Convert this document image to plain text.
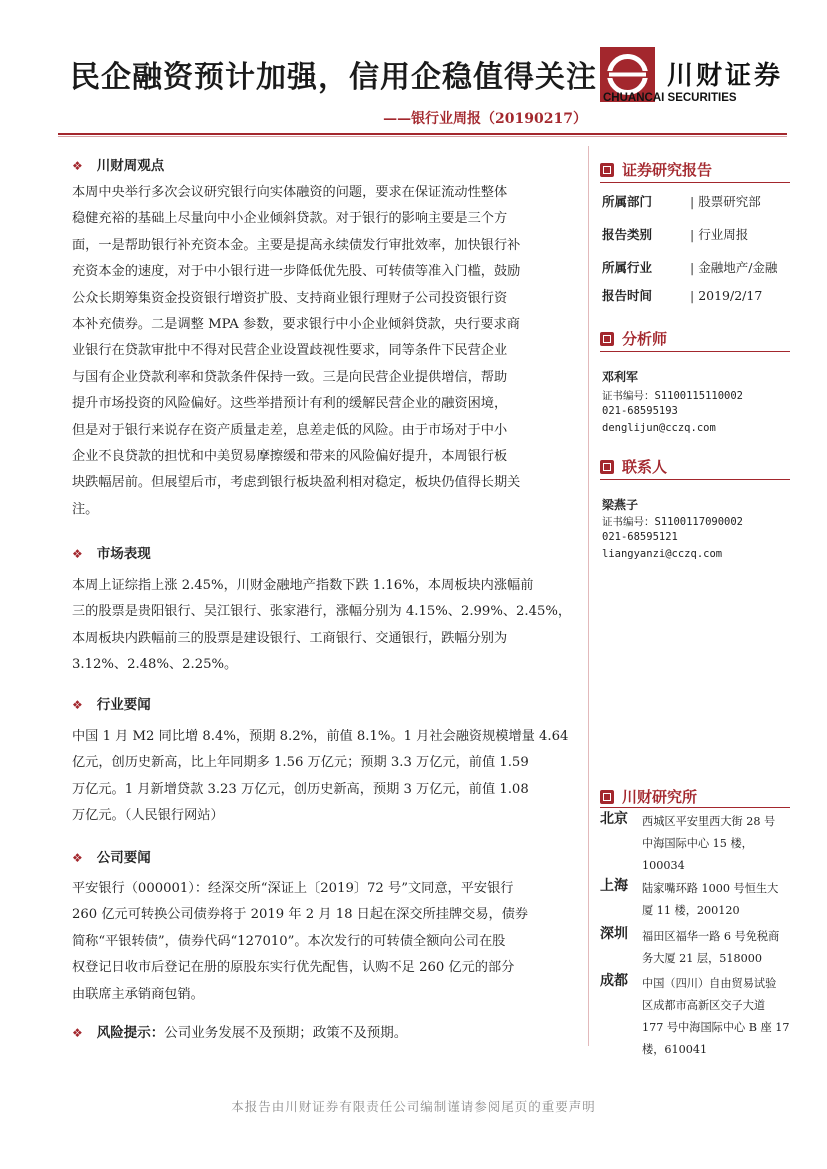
民企融资预计加强，信用企稳值得关注	川财证券
CHUANCAI SECURITIES
——银行业周报（20190217）
❖ 川财周观点
本周中央举行多次会议研究银行向实体融资的问题，要求在保证流动性整体
稳健充裕的基础上尽量向中小企业倾斜贷款。对于银行的影响主要是三个方
面，一是帮助银行补充资本金。主要是提高永续债发行审批效率，加快银行补
充资本金的速度，对于中小银行进一步降低优先股、可转债等准入门槛，鼓励
公众长期筹集资金投资银行增资扩股、支持商业银行理财子公司投资银行资
本补充债券。二是调整 MPA 参数，要求银行中小企业倾斜贷款，央行要求商
业银行在贷款审批中不得对民营企业设置歧视性要求，同等条件下民营企业
与国有企业贷款利率和贷款条件保持一致。三是向民营企业提供增信，帮助
提升市场投资的风险偏好。这些举措预计有利的缓解民营企业的融资困境，
但是对于银行来说存在资产质量走差，息差走低的风险。由于市场对于中小
企业不良贷款的担忧和中美贸易摩擦缓和带来的风险偏好提升，本周银行板
块跌幅居前。但展望后市，考虑到银行板块盈利相对稳定，板块仍值得长期关
注。
❖ 市场表现
本周上证综指上涨 2.45%，川财金融地产指数下跌 1.16%，本周板块内涨幅前
三的股票是贵阳银行、吴江银行、张家港行，涨幅分别为 4.15%、2.99%、2.45%，
本周板块内跌幅前三的股票是建设银行、工商银行、交通银行，跌幅分别为
3.12%、2.48%、2.25%。
❖ 行业要闻
中国 1 月 M2 同比增 8.4%，预期 8.2%，前值 8.1%。1 月社会融资规模增量 4.64
亿元，创历史新高，比上年同期多 1.56 万亿元；预期 3.3 万亿元，前值 1.59
万亿元。1 月新增贷款 3.23 万亿元，创历史新高，预期 3 万亿元，前值 1.08
万亿元。（人民银行网站）
❖ 公司要闻
平安银行（000001）：经深交所“深证上〔2019〕72 号”文同意，平安银行
260 亿元可转换公司债券将于 2019 年 2 月 18 日起在深交所挂牌交易，债券
简称“平银转债”，债券代码“127010”。本次发行的可转债全额向公司在股
权登记日收市后登记在册的原股东实行优先配售，认购不足 260 亿元的部分
由联席主承销商包销。
❖ 风险提示：公司业务发展不及预期；政策不及预期。
证券研究报告
所属部门	| 股票研究部
报告类别	| 行业周报
所属行业	| 金融地产/金融
报告时间	| 2019/2/17
分析师
邓利军
证书编号：S1100115110002
021-68595193
denglijun@cczq.com
联系人
梁燕子
证书编号：S1100117090002
021-68595121
liangyanzi@cczq.com
川财研究所
北京 西城区平安里西大街 28 号
中海国际中心 15 楼，
100034
上海 陆家嘴环路 1000 号恒生大
厦 11 楼，200120
深圳 福田区福华一路 6 号免税商
务大厦 21 层，518000
成都 中国（四川）自由贸易试验
区成都市高新区交子大道
177 号中海国际中心 B 座 17
楼，610041
本报告由川财证券有限责任公司编制谨请参阅尾页的重要声明
